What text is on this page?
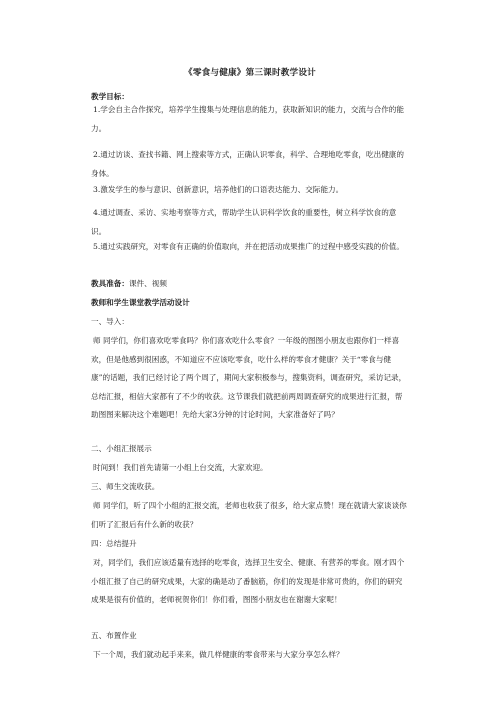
《零食与健康》第三课时教学设计
教学目标：

1.学会自主合作探究，培养学生搜集与处理信息的能力，获取新知识的能力，交流与合作的能力。

2.通过访谈、查找书籍、网上搜索等方式，正确认识零食，科学、合理地吃零食，吃出健康的身体。

3.激发学生的参与意识、创新意识，培养他们的口语表达能力、交际能力。

4.通过调查、采访、实地考察等方式，帮助学生认识科学饮食的重要性，树立科学饮食的意识。

5.通过实践研究，对零食有正确的价值取向，并在把活动成果推广的过程中感受实践的价值。

教具准备：课件、视频
教师和学生课堂教学活动设计
一、导入：

师 同学们，你们喜欢吃零食吗？你们喜欢吃什么零食？一年级的图图小朋友也跟你们一样喜欢，但是他感到很困惑，不知道应不应该吃零食，吃什么样的零食才健康？关于“零食与健康”的话题，我们已经讨论了两个周了，期间大家积极参与，搜集资料，调查研究，采访记录，总结汇报，相信大家都有了不少的收获。这节课我们就把前两周调查研究的成果进行汇报，帮助图图来解决这个难题吧！先给大家3分钟的讨论时间，大家准备好了吗？

二、小组汇报展示

时间到！我们首先请第一小组上台交流，大家欢迎。

三、师生交流收获。

师 同学们，听了四个小组的汇报交流，老师也收获了很多，给大家点赞！现在就请大家谈谈你们听了汇报后有什么新的收获？

四：总结提升

对，同学们，我们应该适量有选择的吃零食，选择卫生安全、健康、有营养的零食。刚才四个小组汇报了自己的研究成果，大家的确是动了番脑筋，你们的发现是非常可贵的，你们的研究成果是很有价值的，老师祝贺你们！你们看，图图小朋友也在谢谢大家呢！

五、布置作业

下一个周，我们就动起手来来，做几样健康的零食带来与大家分享怎么样？
